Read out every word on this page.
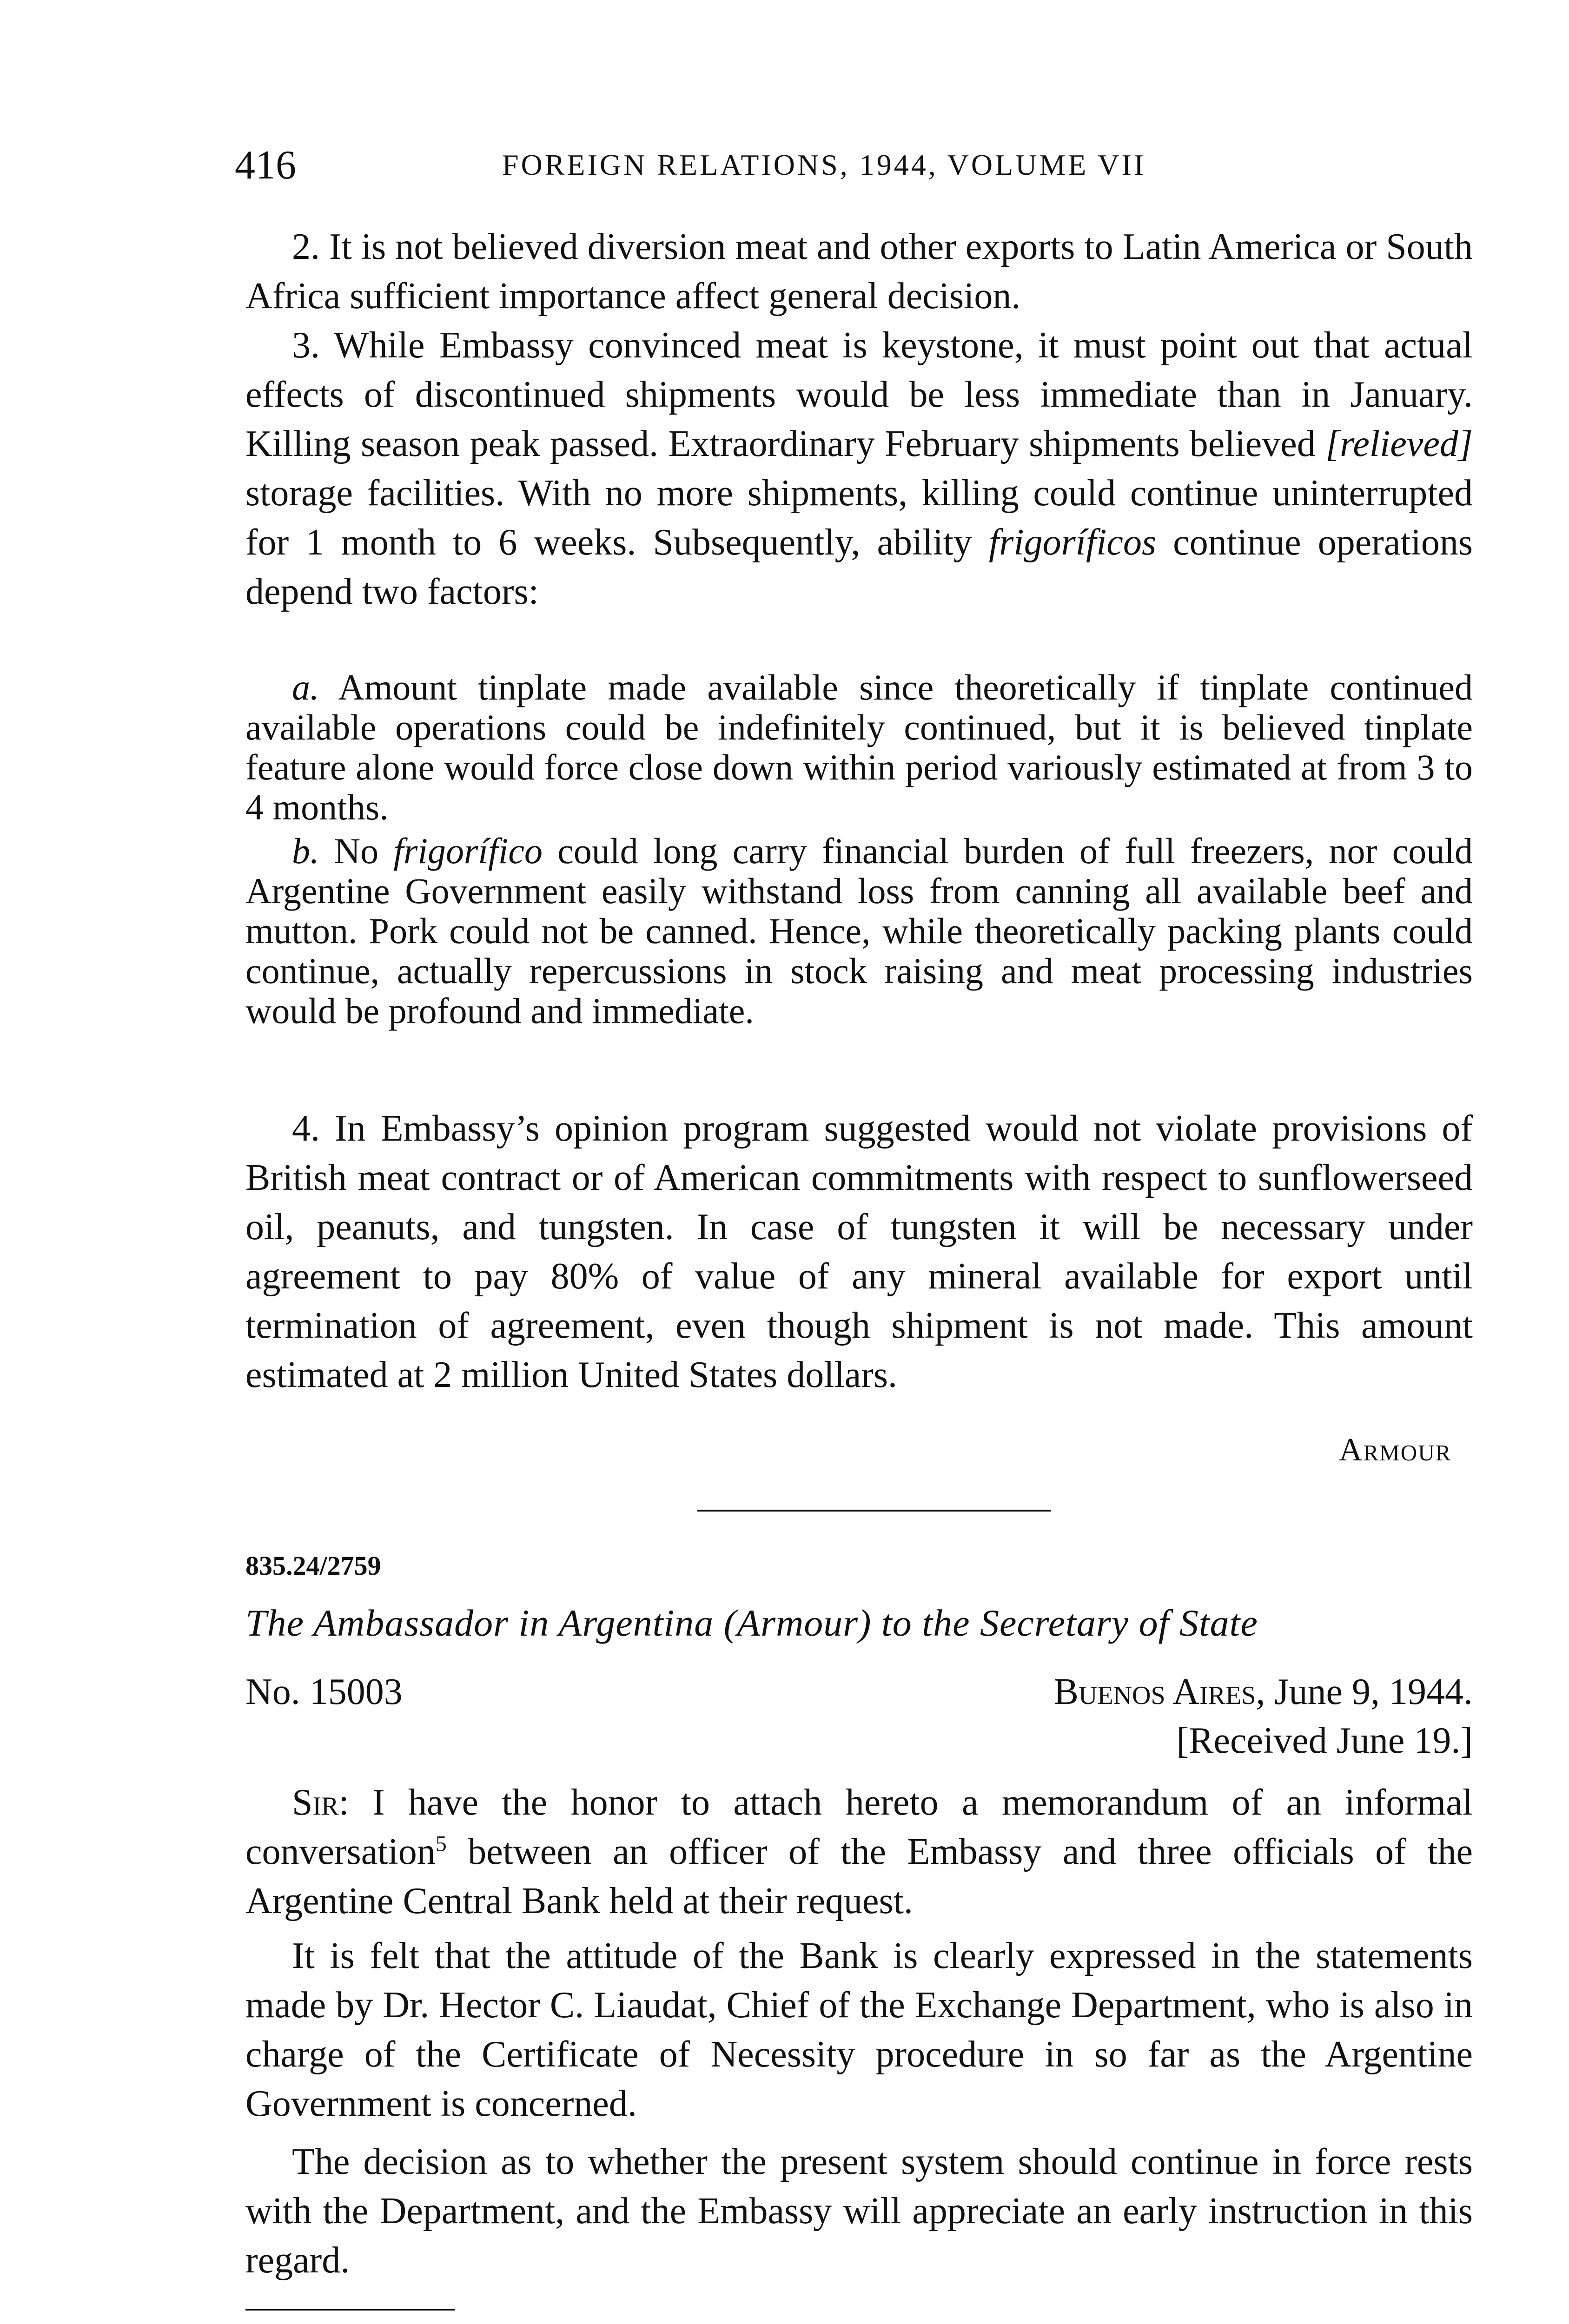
416	FOREIGN RELATIONS, 1944, VOLUME VII
2. It is not believed diversion meat and other exports to Latin America or South Africa sufficient importance affect general decision.
3. While Embassy convinced meat is keystone, it must point out that actual effects of discontinued shipments would be less immediate than in January. Killing season peak passed. Extraordinary February shipments believed [relieved] storage facilities. With no more shipments, killing could continue uninterrupted for 1 month to 6 weeks. Subsequently, ability frigoríficos continue operations depend two factors:
a. Amount tinplate made available since theoretically if tinplate continued available operations could be indefinitely continued, but it is believed tinplate feature alone would force close down within period variously estimated at from 3 to 4 months.
b. No frigorífico could long carry financial burden of full freezers, nor could Argentine Government easily withstand loss from canning all available beef and mutton. Pork could not be canned. Hence, while theoretically packing plants could continue, actually repercussions in stock raising and meat processing industries would be profound and immediate.
4. In Embassy’s opinion program suggested would not violate provisions of British meat contract or of American commitments with respect to sunflowerseed oil, peanuts, and tungsten. In case of tungsten it will be necessary under agreement to pay 80% of value of any mineral available for export until termination of agreement, even though shipment is not made. This amount estimated at 2 million United States dollars.
Armour
835.24/2759
The Ambassador in Argentina (Armour) to the Secretary of State
No. 15003	Buenos Aires, June 9, 1944.
[Received June 19.]
Sir: I have the honor to attach hereto a memorandum of an informal conversation$^5$ between an officer of the Embassy and three officials of the Argentine Central Bank held at their request.
It is felt that the attitude of the Bank is clearly expressed in the statements made by Dr. Hector C. Liaudat, Chief of the Exchange Department, who is also in charge of the Certificate of Necessity procedure in so far as the Argentine Government is concerned.
The decision as to whether the present system should continue in force rests with the Department, and the Embassy will appreciate an early instruction in this regard.
